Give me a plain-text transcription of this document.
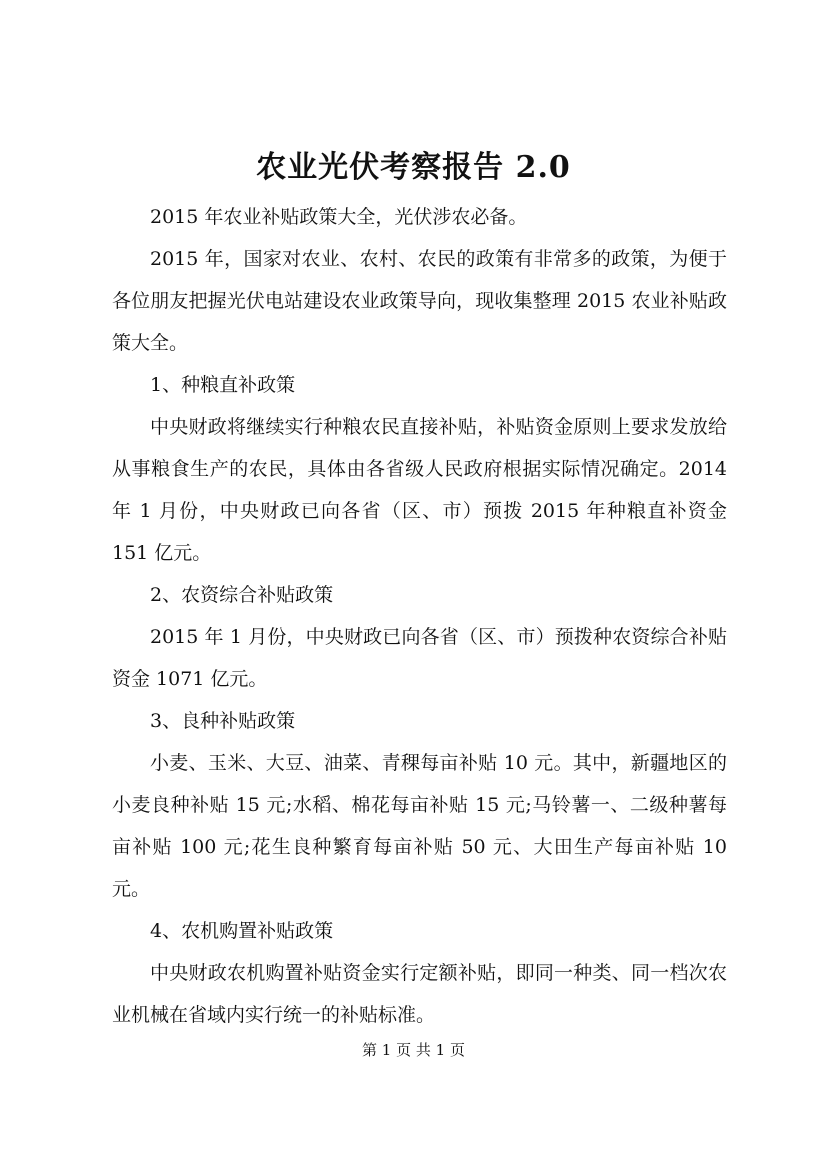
农业光伏考察报告 2.0

2015 年农业补贴政策大全，光伏涉农必备。

2015 年，国家对农业、农村、农民的政策有非常多的政策，为便于各位朋友把握光伏电站建设农业政策导向，现收集整理 2015 农业补贴政策大全。

1、种粮直补政策

中央财政将继续实行种粮农民直接补贴，补贴资金原则上要求发放给从事粮食生产的农民，具体由各省级人民政府根据实际情况确定。2014 年 1 月份，中央财政已向各省（区、市）预拨 2015 年种粮直补资金 151 亿元。

2、农资综合补贴政策

2015 年 1 月份，中央财政已向各省（区、市）预拨种农资综合补贴资金 1071 亿元。

3、良种补贴政策

小麦、玉米、大豆、油菜、青稞每亩补贴 10 元。其中，新疆地区的小麦良种补贴 15 元;水稻、棉花每亩补贴 15 元;马铃薯一、二级种薯每亩补贴 100 元;花生良种繁育每亩补贴 50 元、大田生产每亩补贴 10 元。

4、农机购置补贴政策

中央财政农机购置补贴资金实行定额补贴，即同一种类、同一档次农业机械在省域内实行统一的补贴标准。

第 1 页 共 1 页
